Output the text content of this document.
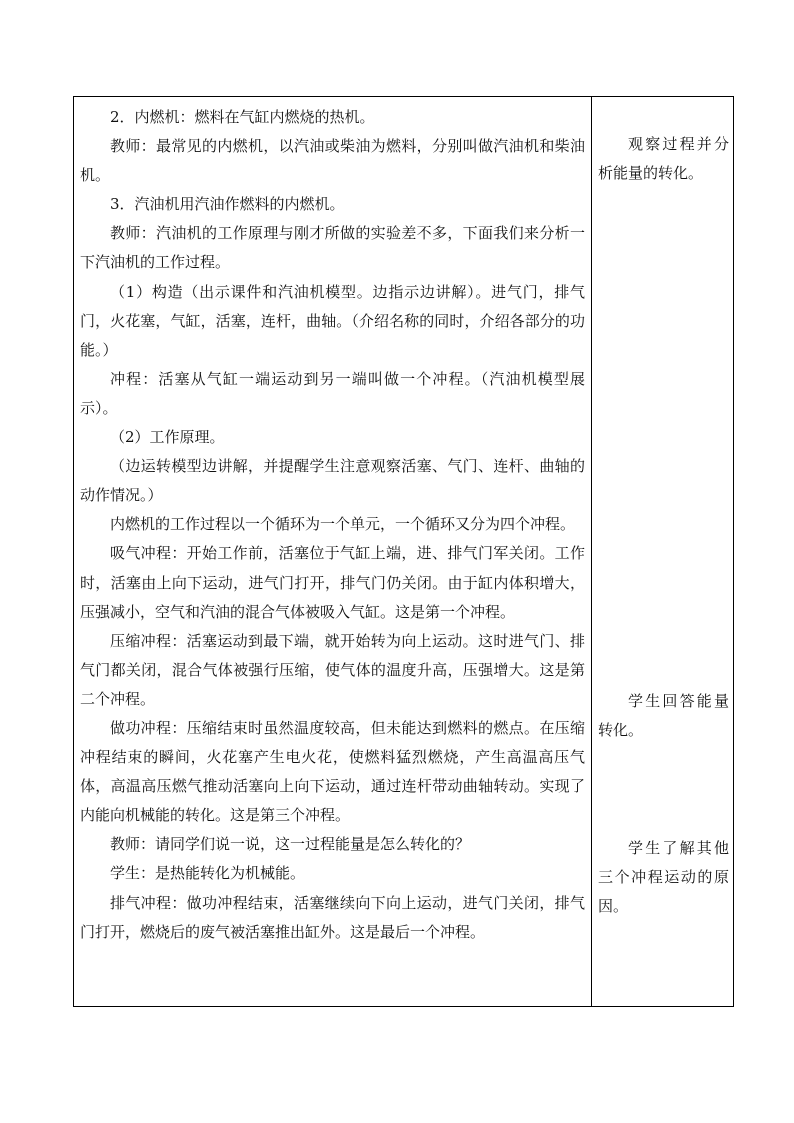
2．内燃机：燃料在气缸内燃烧的热机。

教师：最常见的内燃机，以汽油或柴油为燃料，分别叫做汽油机和柴油机。

3．汽油机用汽油作燃料的内燃机。

教师：汽油机的工作原理与刚才所做的实验差不多，下面我们来分析一下汽油机的工作过程。

（1）构造（出示课件和汽油机模型。边指示边讲解）。进气门，排气门，火花塞，气缸，活塞，连杆，曲轴。（介绍名称的同时，介绍各部分的功能。）

冲程：活塞从气缸一端运动到另一端叫做一个冲程。（汽油机模型展示）。

（2）工作原理。

（边运转模型边讲解，并提醒学生注意观察活塞、气门、连杆、曲轴的动作情况。）

内燃机的工作过程以一个循环为一个单元，一个循环又分为四个冲程。

吸气冲程：开始工作前，活塞位于气缸上端，进、排气门军关闭。工作时，活塞由上向下运动，进气门打开，排气门仍关闭。由于缸内体积增大，压强减小，空气和汽油的混合气体被吸入气缸。这是第一个冲程。

压缩冲程：活塞运动到最下端，就开始转为向上运动。这时进气门、排气门都关闭，混合气体被强行压缩，使气体的温度升高，压强增大。这是第二个冲程。

做功冲程：压缩结束时虽然温度较高，但未能达到燃料的燃点。在压缩冲程结束的瞬间，火花塞产生电火花，使燃料猛烈燃烧，产生高温高压气体，高温高压燃气推动活塞向上向下运动，通过连杆带动曲轴转动。实现了内能向机械能的转化。这是第三个冲程。

教师：请同学们说一说，这一过程能量是怎么转化的？

学生：是热能转化为机械能。

排气冲程：做功冲程结束，活塞继续向下向上运动，进气门关闭，排气门打开，燃烧后的废气被活塞推出缸外。这是最后一个冲程。

观察过程并分析能量的转化。

学生回答能量转化。

学生了解其他三个冲程运动的原因。
